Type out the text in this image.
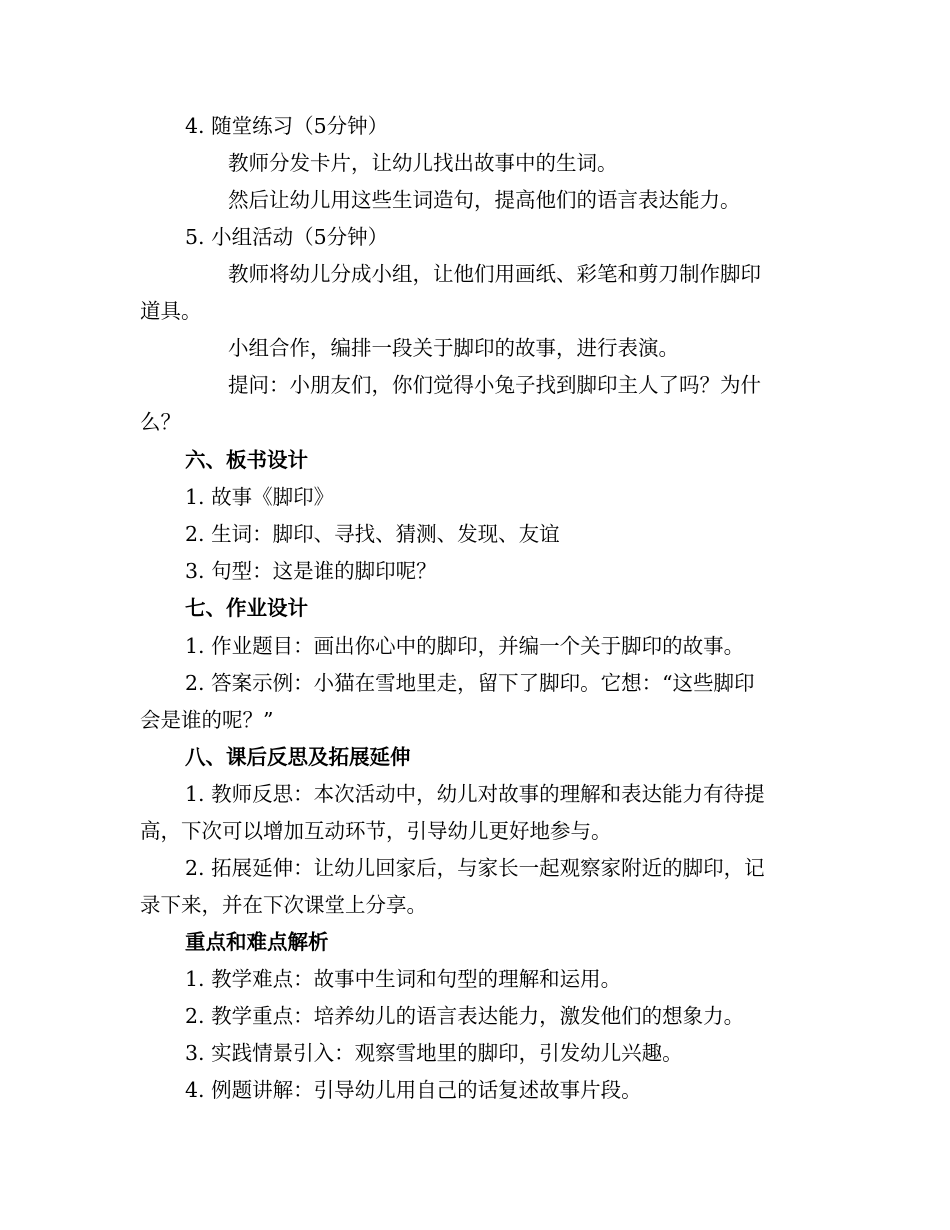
4. 随堂练习（5分钟）
教师分发卡片，让幼儿找出故事中的生词。
然后让幼儿用这些生词造句，提高他们的语言表达能力。
5. 小组活动（5分钟）
教师将幼儿分成小组，让他们用画纸、彩笔和剪刀制作脚印
道具。
小组合作，编排一段关于脚印的故事，进行表演。
提问：小朋友们，你们觉得小兔子找到脚印主人了吗？为什
么？
六、板书设计
1. 故事《脚印》
2. 生词：脚印、寻找、猜测、发现、友谊
3. 句型：这是谁的脚印呢？
七、作业设计
1. 作业题目：画出你心中的脚印，并编一个关于脚印的故事。
2. 答案示例：小猫在雪地里走，留下了脚印。它想：“这些脚印
会是谁的呢？”
八、课后反思及拓展延伸
1. 教师反思：本次活动中，幼儿对故事的理解和表达能力有待提
高，下次可以增加互动环节，引导幼儿更好地参与。
2. 拓展延伸：让幼儿回家后，与家长一起观察家附近的脚印，记
录下来，并在下次课堂上分享。
重点和难点解析
1. 教学难点：故事中生词和句型的理解和运用。
2. 教学重点：培养幼儿的语言表达能力，激发他们的想象力。
3. 实践情景引入：观察雪地里的脚印，引发幼儿兴趣。
4. 例题讲解：引导幼儿用自己的话复述故事片段。
